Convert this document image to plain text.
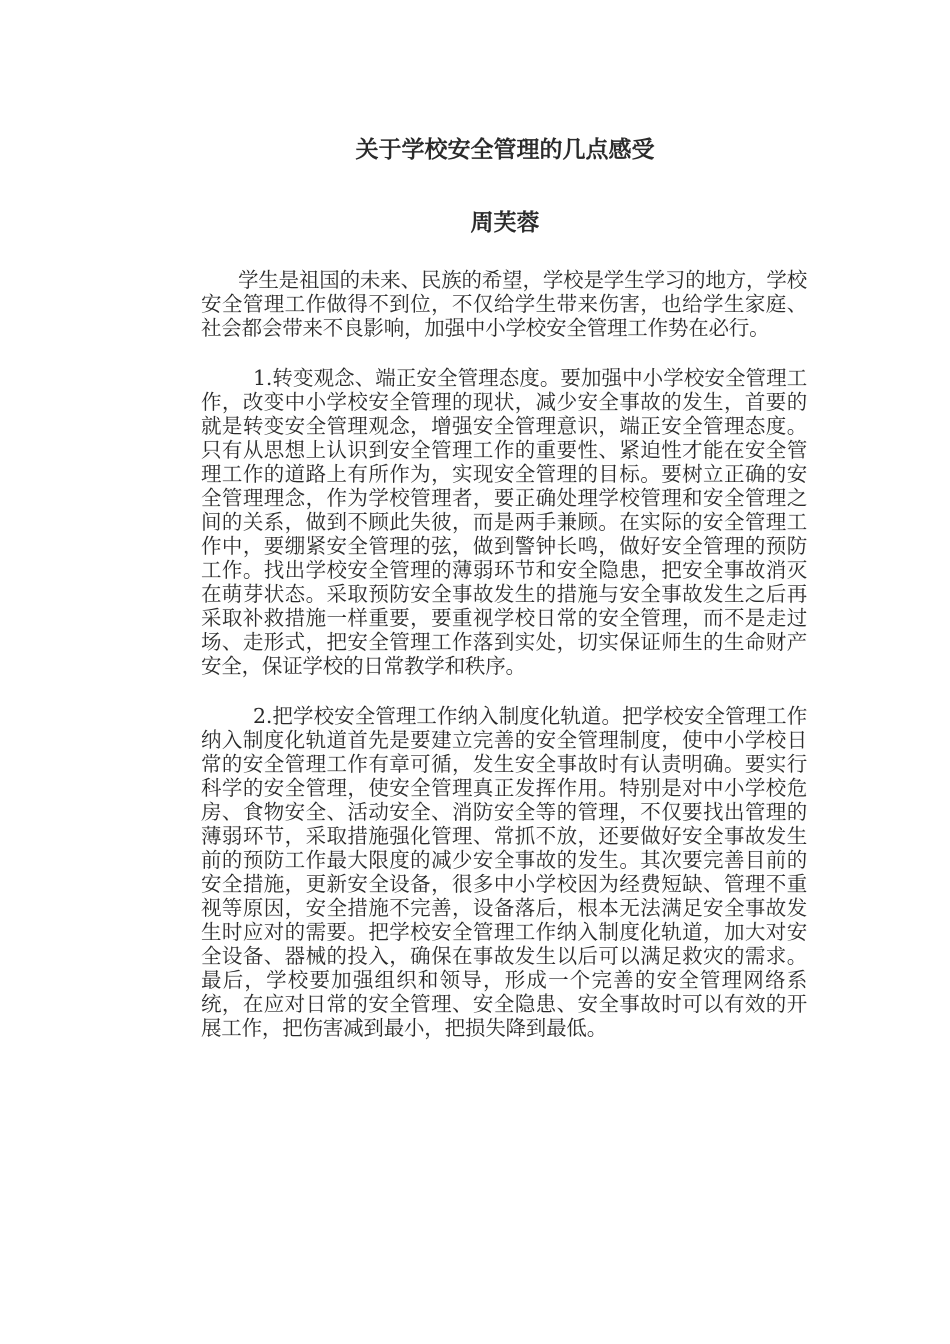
关于学校安全管理的几点感受
周芙蓉

学生是祖国的未来、民族的希望，学校是学生学习的地方，学校安全管理工作做得不到位，不仅给学生带来伤害，也给学生家庭、社会都会带来不良影响，加强中小学校安全管理工作势在必行。

1.转变观念、端正安全管理态度。要加强中小学校安全管理工作，改变中小学校安全管理的现状，减少安全事故的发生，首要的就是转变安全管理观念，增强安全管理意识，端正安全管理态度。只有从思想上认识到安全管理工作的重要性、紧迫性才能在安全管理工作的道路上有所作为，实现安全管理的目标。要树立正确的安全管理理念，作为学校管理者，要正确处理学校管理和安全管理之间的关系，做到不顾此失彼，而是两手兼顾。在实际的安全管理工作中，要绷紧安全管理的弦，做到警钟长鸣，做好安全管理的预防工作。找出学校安全管理的薄弱环节和安全隐患，把安全事故消灭在萌芽状态。采取预防安全事故发生的措施与安全事故发生之后再采取补救措施一样重要，要重视学校日常的安全管理，而不是走过场、走形式，把安全管理工作落到实处，切实保证师生的生命财产安全，保证学校的日常教学和秩序。

2.把学校安全管理工作纳入制度化轨道。把学校安全管理工作纳入制度化轨道首先是要建立完善的安全管理制度，使中小学校日常的安全管理工作有章可循，发生安全事故时有认责明确。要实行科学的安全管理，使安全管理真正发挥作用。特别是对中小学校危房、食物安全、活动安全、消防安全等的管理，不仅要找出管理的薄弱环节，采取措施强化管理、常抓不放，还要做好安全事故发生前的预防工作最大限度的减少安全事故的发生。其次要完善目前的安全措施，更新安全设备，很多中小学校因为经费短缺、管理不重视等原因，安全措施不完善，设备落后，根本无法满足安全事故发生时应对的需要。把学校安全管理工作纳入制度化轨道，加大对安全设备、器械的投入，确保在事故发生以后可以满足救灾的需求。最后，学校要加强组织和领导，形成一个完善的安全管理网络系统，在应对日常的安全管理、安全隐患、安全事故时可以有效的开展工作，把伤害减到最小，把损失降到最低。
